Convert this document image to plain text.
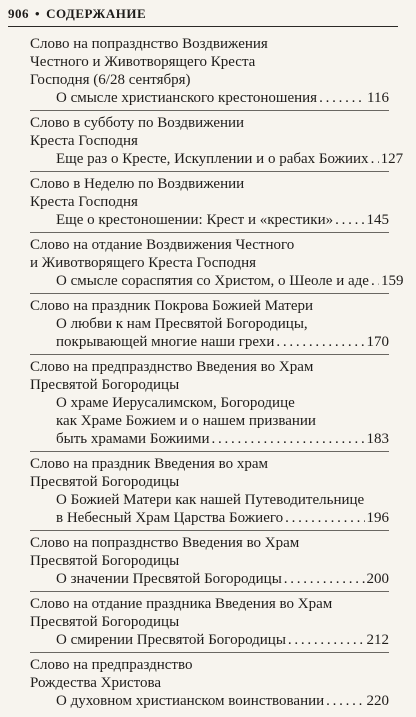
906 • СОДЕРЖАНИЕ
Слово на попразднство Воздвижения
Честного и Животворящего Креста
Господня (6/28 сентября)
О смысле христианского крестоношения . . .	116
Слово в субботу по Воздвижении
Креста Господня
Еще раз о Кресте, Искуплении и о рабах Божиих . . . 127
Слово в Неделю по Воздвижении
Креста Господня
Еще о крестоношении: Крест и «крестики» . . . 145
Слово на отдание Воздвижения Честного
и Животворящего Креста Господня
О смысле сораспятия со Христом, о Шеоле и аде . . . 159
Слово на праздник Покрова Божией Матери
О любви к нам Пресвятой Богородицы,
покрывающей многие наши грехи . . .	170
Слово на предпразднство Введения во Храм
Пресвятой Богородицы
О храме Иерусалимском, Богородице
как Храме Божием и о нашем призвании
быть храмами Божиими . . .	183
Слово на праздник Введения во храм
Пресвятой Богородицы
О Божией Матери как нашей Путеводительнице
в Небесный Храм Царства Божиего . . .	196
Слово на попразднство Введения во Храм
Пресвятой Богородицы
О значении Пресвятой Богородицы . . .	200
Слово на отдание праздника Введения во Храм
Пресвятой Богородицы
О смирении Пресвятой Богородицы . . .	212
Слово на предпразднство
Рождества Христова
О духовном христианском воинствовании . . .	220
